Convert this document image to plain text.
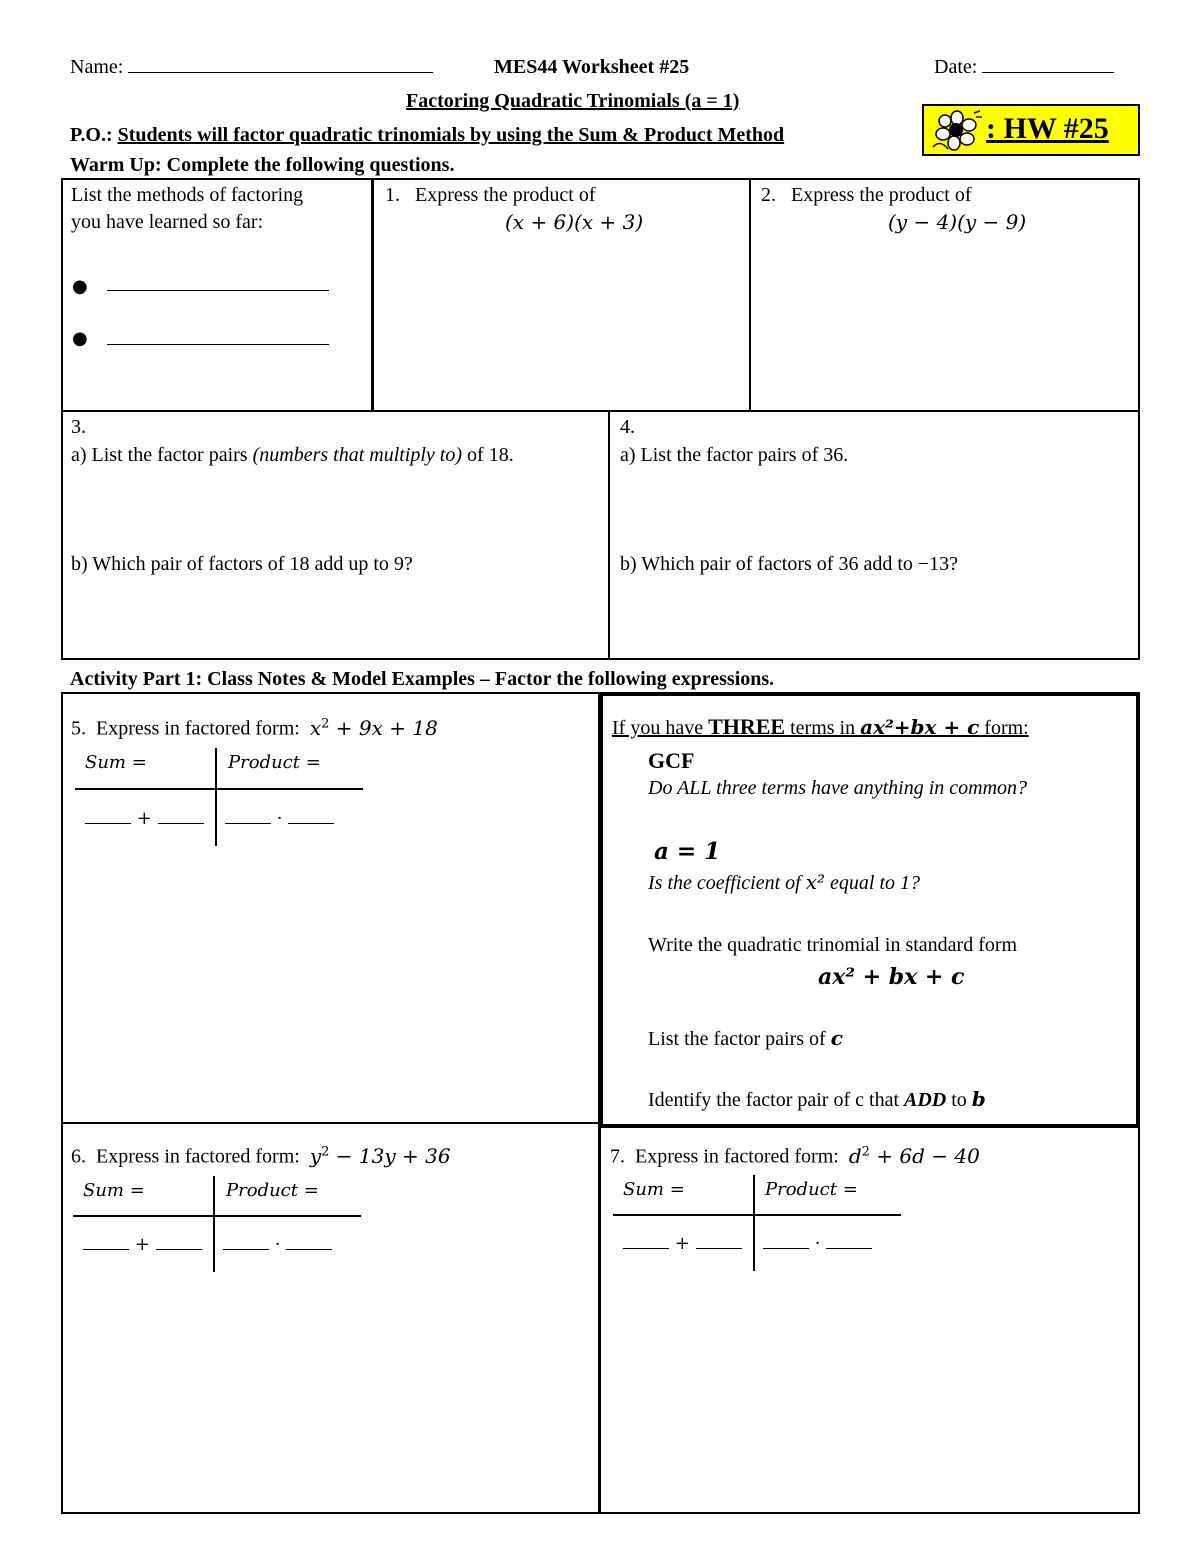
Name:	MES44 Worksheet #25	Date:
Factoring Quadratic Trinomials (a = 1)
P.O.: Students will factor quadratic trinomials by using the Sum & Product Method	: HW #25
Warm Up: Complete the following questions.
List the methods of factoring
you have learned so far:
●
●
1. Express the product of
(x + 6)(x + 3)
2. Express the product of
(y − 4)(y − 9)
3.
a) List the factor pairs (numbers that multiply to) of 18.
b) Which pair of factors of 18 add up to 9?
4.
a) List the factor pairs of 36.
b) Which pair of factors of 36 add to −13?
Activity Part 1: Class Notes & Model Examples – Factor the following expressions.
5. Express in factored form: $x^2 + 9x + 18$
Sum =	Product =
+	·
If you have THREE terms in ax²+bx + c form:
GCF
Do ALL three terms have anything in common?
a = 1
Is the coefficient of x² equal to 1?
Write the quadratic trinomial in standard form
ax² + bx + c
List the factor pairs of c
Identify the factor pair of c that ADD to b
6. Express in factored form: $y^2 - 13y + 36$
Sum =	Product =
+	·
7. Express in factored form: $d^2 + 6d - 40$
Sum =	Product =
+	·
